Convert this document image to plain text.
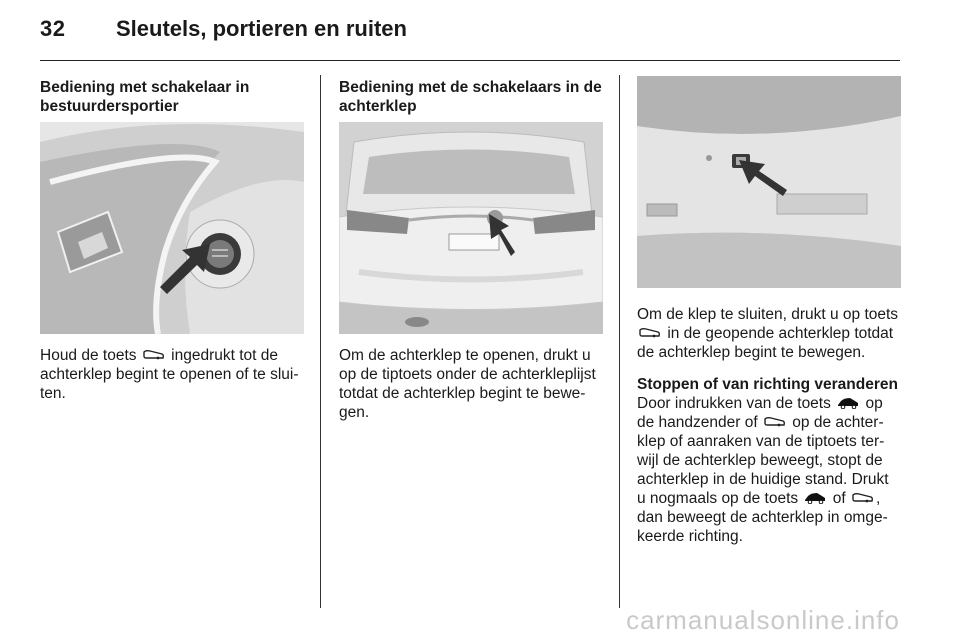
32 Sleutels, portieren en ruiten
Bediening met schakelaar in bestuurdersportier
Houd de toets ingedrukt tot de achterklep begint te openen of te slui-ten.
Bediening met de schakelaars in de achterklep
Om de achterklep te openen, drukt u op de tiptoets onder de achterkleplijst totdat de achterklep begint te bewe-gen.
Om de klep te sluiten, drukt u op toets
in de geopende achterklep totdat de achterklep begint te bewegen.
Stoppen of van richting veranderen
Door indrukken van de toets op de handzender of op de achter-klep of aanraken van de tiptoets ter-wijl de achterklep beweegt, stopt de achterklep in de huidige stand. Drukt u nogmaals op de toets of , dan beweegt de achterklep in omge-keerde richting.
carmanualsonline.info
